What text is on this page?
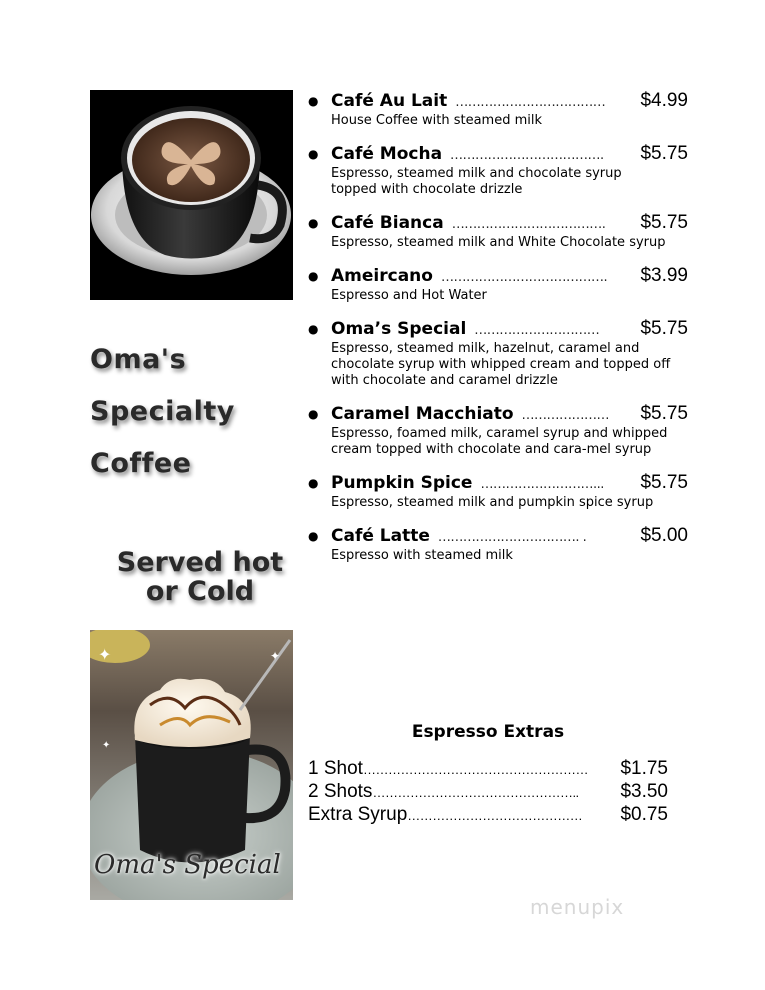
Oma's
Specialty
Coffee
Served hot
or Cold
✦	✦
✦
Oma's Special
● Café Au Lait ………………………………	$4.99
House Coffee with steamed milk
● Café Mocha ……………………………….	$5.75
Espresso, steamed milk and chocolate syrup topped with chocolate drizzle
● Café Bianca ……………………………….	$5.75
Espresso, steamed milk and White Chocolate syrup
● Ameircano ………………………………….	$3.99
Espresso and Hot Water
● Oma’s Special …………………………	$5.75
Espresso, steamed milk, hazelnut, caramel and chocolate syrup with whipped cream and topped off with chocolate and caramel drizzle
● Caramel Macchiato …………………	$5.75
Espresso, foamed milk, caramel syrup and whipped cream topped with chocolate and cara-mel syrup
● Pumpkin Spice ………………………...	$5.75
Espresso, steamed milk and pumpkin spice syrup
● Café Latte ……………………………. .	$5.00
Espresso with steamed milk
Espresso Extras
1 Shot ………………………………………………	$1.75
2 Shots …………………………………………..	$3.50
Extra Syrup ……………………………………	$0.75
menupix
